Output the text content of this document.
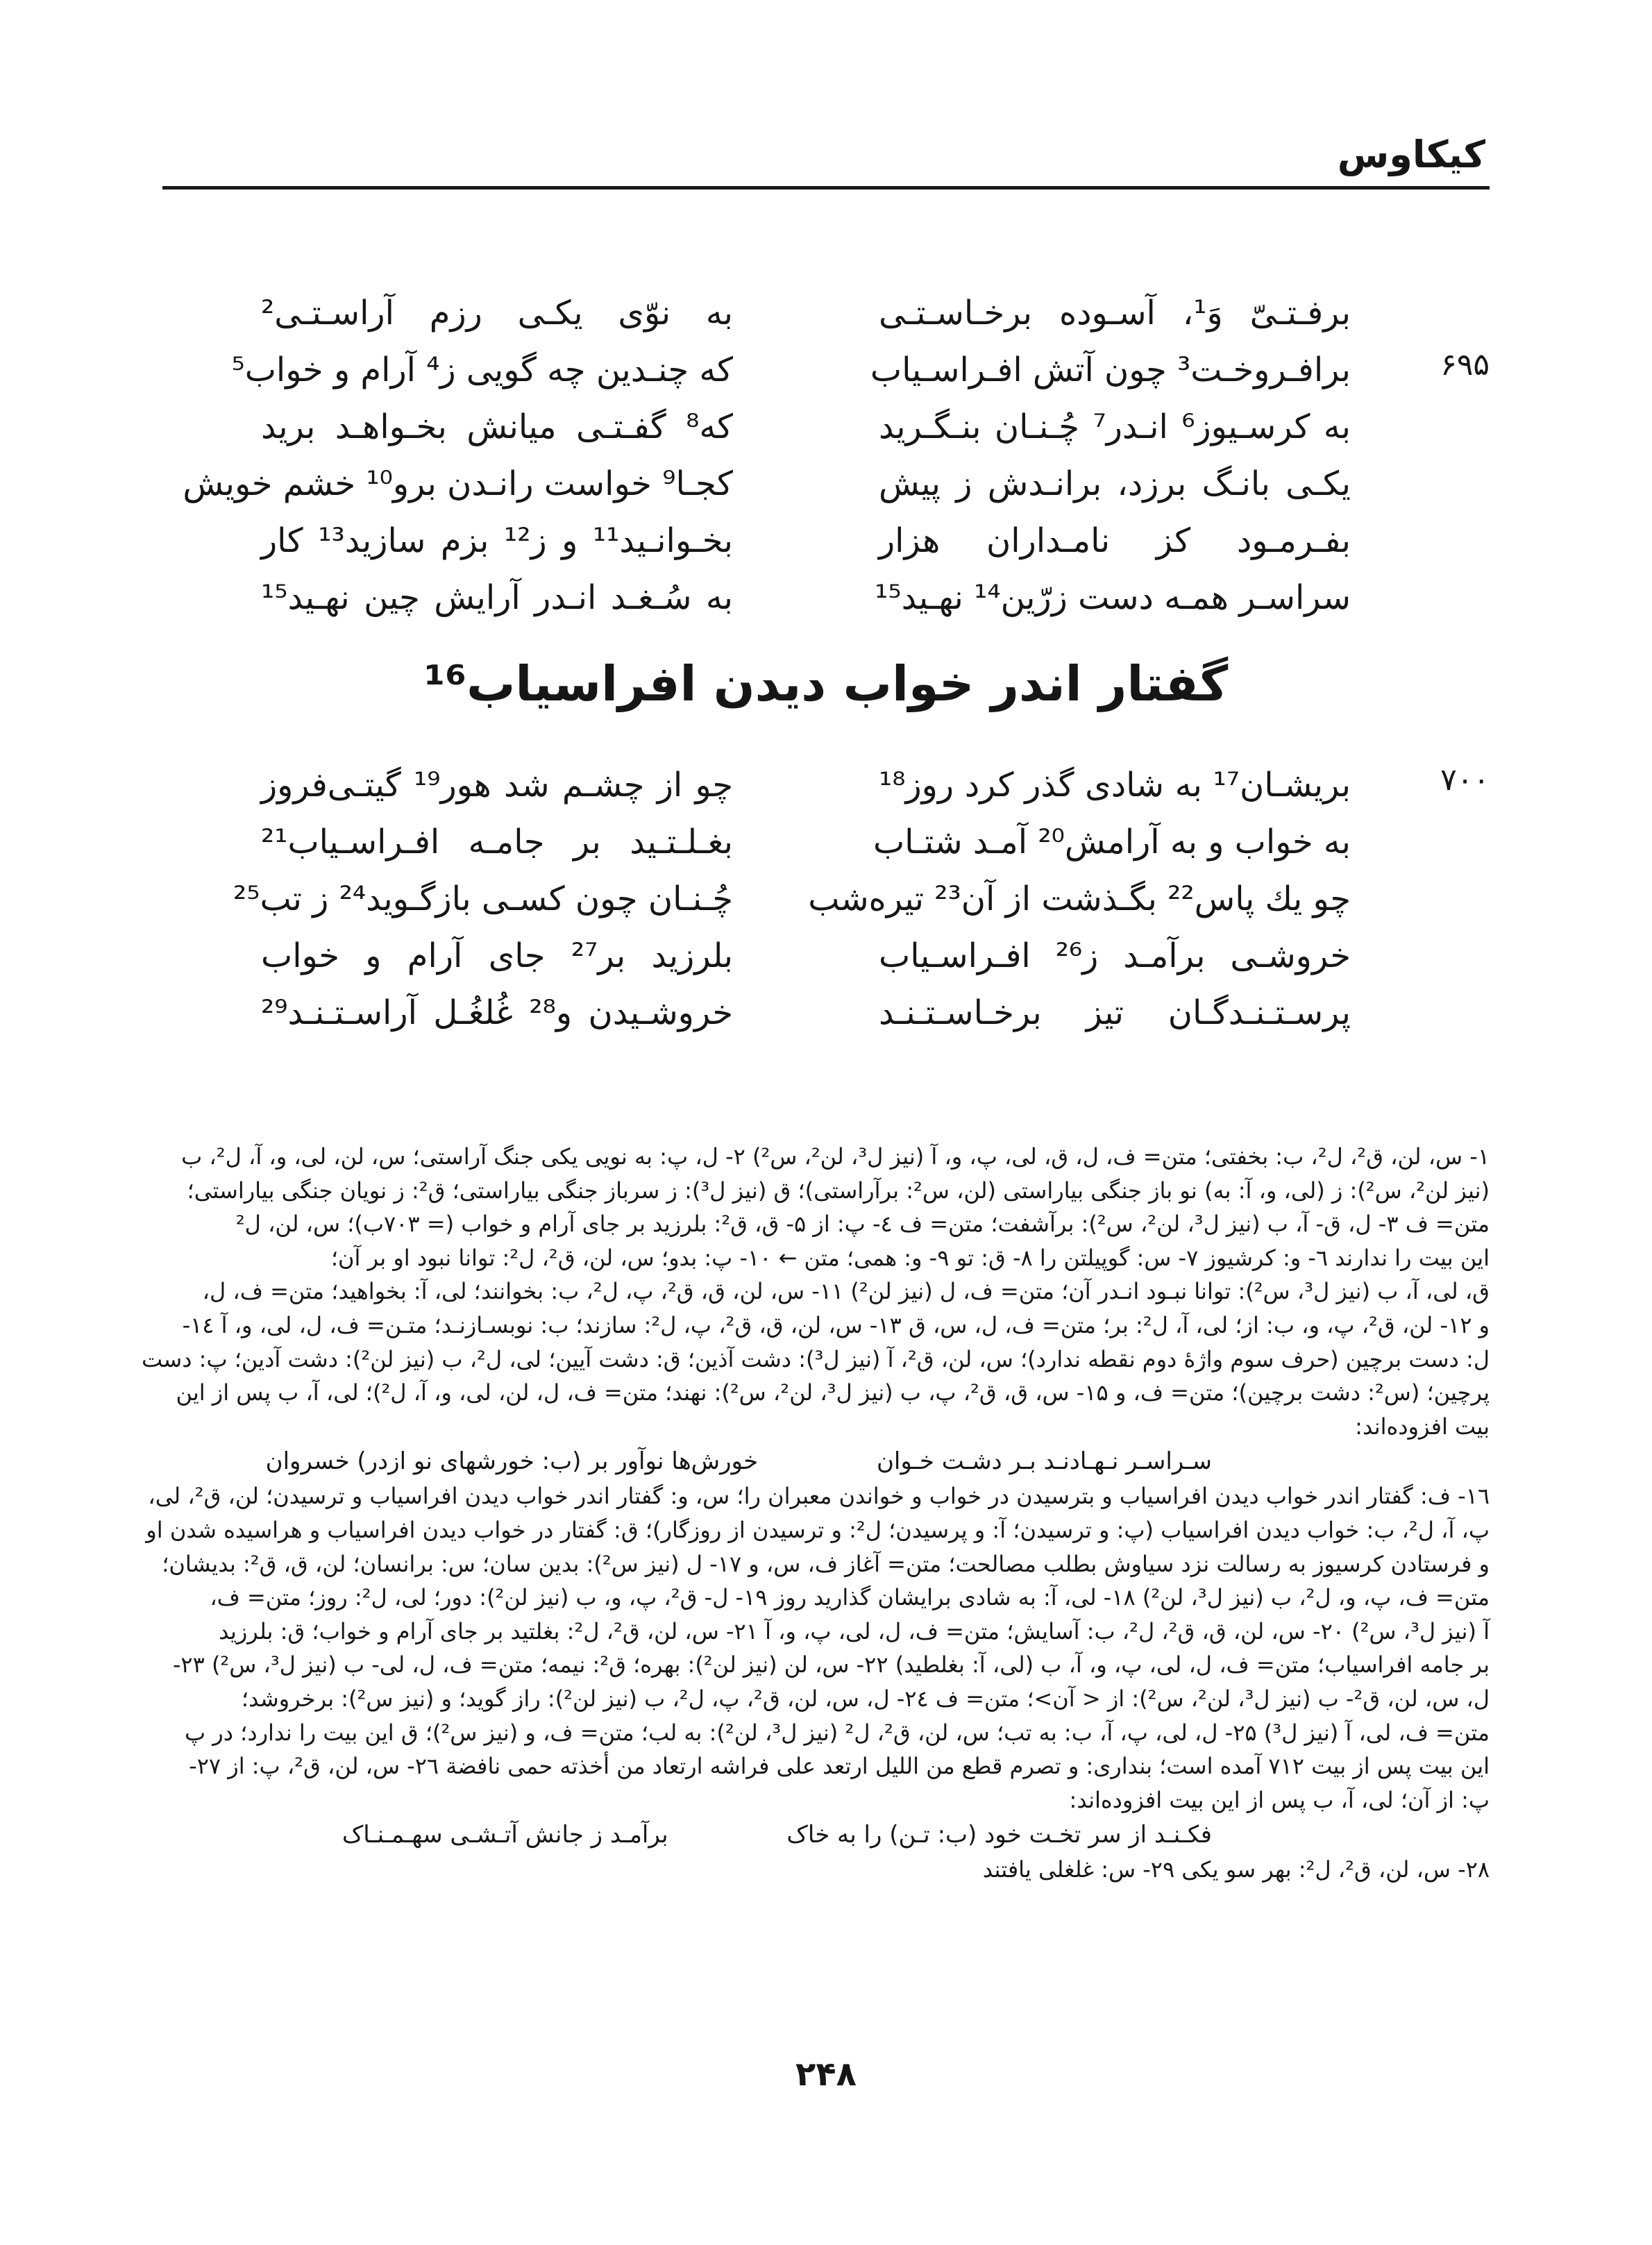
کیکاوس
برفـتـیّ وَ¹، آسـوده برخـاسـتـی
به نوّی یکـی رزم آراسـتـی²
۶۹۵
برافـروخـت³ چون آتش افـراسـیاب
که چنـدین چه گویی ز⁴ آرام و خواب⁵
به کرسـیوز⁶ انـدر⁷ چُـنـان بنـگـرید
که⁸ گفـتـی میانش بخـواهـد برید
یکـی بانـگ برزد، برانـدش ز پیش
کجـا⁹ خواست رانـدن برو¹⁰ خشم خویش
بفـرمـود کز نامـداران هزار
بخـوانـید¹¹ و ز¹² بزم سازید¹³ کار
سراسـر همـه دست زرّین¹⁴ نهـید¹⁵
به سُـغـد انـدر آرایش چین نهـید¹⁵
گفتار اندر خواب دیدن افراسیاب¹⁶
۷۰۰
بریشـان¹⁷ به شادی گذر کرد روز¹⁸
چو از چشـم شد هور¹⁹ گیتـی‌فروز
به خواب و به آرامش²⁰ آمـد شتـاب
بغـلـتـید بر جامـه افـراسـیاب²¹
چو یك پاس²² بگـذشت از آن²³ تیره‌شب
چُـنـان چون کسـی بازگـوید²⁴ ز تب²⁵
خروشـی برآمـد ز²⁶ افـراسـیاب
بلرزید بر²⁷ جای آرام و خواب
پرسـتـنـدگـان تیز برخـاسـتـنـد
خروشـیدن و²⁸ غُلغُـل آراسـتـنـد²⁹
۱- س، لن، ق²، ل²، ب: بخفتی؛ متن= ف، ل، ق، لی، پ، و، آ (نیز ل³، لن²، س²) ۲- ل، پ: به نویی یکی جنگ آراستی؛ س، لن، لی، و، آ، ل²، ب
(نیز لن²، س²): ز (لی، و، آ: به) نو باز جنگی بیاراستی (لن، س²: برآراستی)؛ ق (نیز ل³): ز سرباز جنگی بیاراستی؛ ق²: ز نویان جنگی بیاراستی؛
متن= ف ۳- ل، ق- آ، ب (نیز ل³، لن²، س²): برآشفت؛ متن= ف ٤- پ: از ۵- ق، ق²: بلرزید بر جای آرام و خواب (= ۷۰۳ب)؛ س، لن، ل²
این بیت را ندارند ٦- و: کرشیوز ۷- س: گوپیلتن را ۸- ق: تو ۹- و: همی؛ متن ← ۱۰- پ: بدو؛ س، لن، ق²، ل²: توانا نبود او بر آن؛
ق، لی، آ، ب (نیز ل³، س²): توانا نبـود انـدر آن؛ متن= ف، ل (نیز لن²) ۱۱- س، لن، ق، ق²، پ، ل²، ب: بخوانند؛ لی، آ: بخواهید؛ متن= ف، ل،
و ۱۲- لن، ق²، پ، و، ب: از؛ لی، آ، ل²: بر؛ متن= ف، ل، س، ق ۱۳- س، لن، ق، ق²، پ، ل²: سازند؛ ب: نوبسـازنـد؛ متـن= ف، ل، لی، و، آ ۱٤-
ل: دست برچین (حرف سوم واژهٔ دوم نقطه ندارد)؛ س، لن، ق²، آ (نیز ل³): دشت آذین؛ ق: دشت آیین؛ لی، ل²، ب (نیز لن²): دشت آدین؛ پ: دست
پرچین؛ (س²: دشت برچین)؛ متن= ف، و ۱۵- س، ق، ق²، پ، ب (نیز ل³، لن²، س²): نهند؛ متن= ف، ل، لن، لی، و، آ، ل²)؛ لی، آ، ب پس از این
بیت افزوده‌اند:
سـراسـر نـهـادنـد بـر دشـت خـوان خورش‌ها نوآور بر (ب: خورشهای نو ازدر) خسروان
۱٦- ف: گفتار اندر خواب دیدن افراسیاب و بترسیدن در خواب و خواندن معبران را؛ س، و: گفتار اندر خواب دیدن افراسیاب و ترسیدن؛ لن، ق²، لی،
پ، آ، ل²، ب: خواب دیدن افراسیاب (پ: و ترسیدن؛ آ: و پرسیدن؛ ل²: و ترسیدن از روزگار)؛ ق: گفتار در خواب دیدن افراسیاب و هراسیده شدن او
و فرستادن کرسیوز به رسالت نزد سیاوش بطلب مصالحت؛ متن= آغاز ف، س، و ۱۷- ل (نیز س²): بدین سان؛ س: برانسان؛ لن، ق، ق²: بدیشان؛
متن= ف، پ، و، ل²، ب (نیز ل³، لن²) ۱۸- لی، آ: به شادی برایشان گذارید روز ۱۹- ل- ق²، پ، و، ب (نیز لن²): دور؛ لی، ل²: روز؛ متن= ف،
آ (نیز ل³، س²) ۲۰- س، لن، ق، ق²، ل²، ب: آسایش؛ متن= ف، ل، لی، پ، و، آ ۲۱- س، لن، ق²، ل²: بغلتید بر جای آرام و خواب؛ ق: بلرزید
بر جامه افراسیاب؛ متن= ف، ل، لی، پ، و، آ، ب (لی، آ: بغلطید) ۲۲- س، لن (نیز لن²): بهره؛ ق²: نیمه؛ متن= ف، ل، لی- ب (نیز ل³، س²) ۲۳-
ل، س، لن، ق²- ب (نیز ل³، لن²، س²): از < آن>؛ متن= ف ۲٤- ل، س، لن، ق²، پ، ل²، ب (نیز لن²): راز گوید؛ و (نیز س²): برخروشد؛
متن= ف، لی، آ (نیز ل³) ۲۵- ل، لی، پ، آ، ب: به تب؛ س، لن، ق²، ل² (نیز ل³، لن²): به لب؛ متن= ف، و (نیز س²)؛ ق این بیت را ندارد؛ در پ
این بیت پس از بیت ۷۱۲ آمده است؛ بنداری: و تصرم قطع من اللیل ارتعد علی فراشه ارتعاد من أخذته حمی نافضة ۲٦- س، لن، ق²، پ: از ۲۷-
پ: از آن؛ لی، آ، ب پس از این بیت افزوده‌اند:
فکـنـد از سر تخـت خود (ب: تـن) را به خاک برآمـد ز جانش آتـشـی سهـمـنـاک
۲۸- س، لن، ق²، ل²: بهر سو یکی ۲۹- س: غلغلی یافتند
۲۴۸
